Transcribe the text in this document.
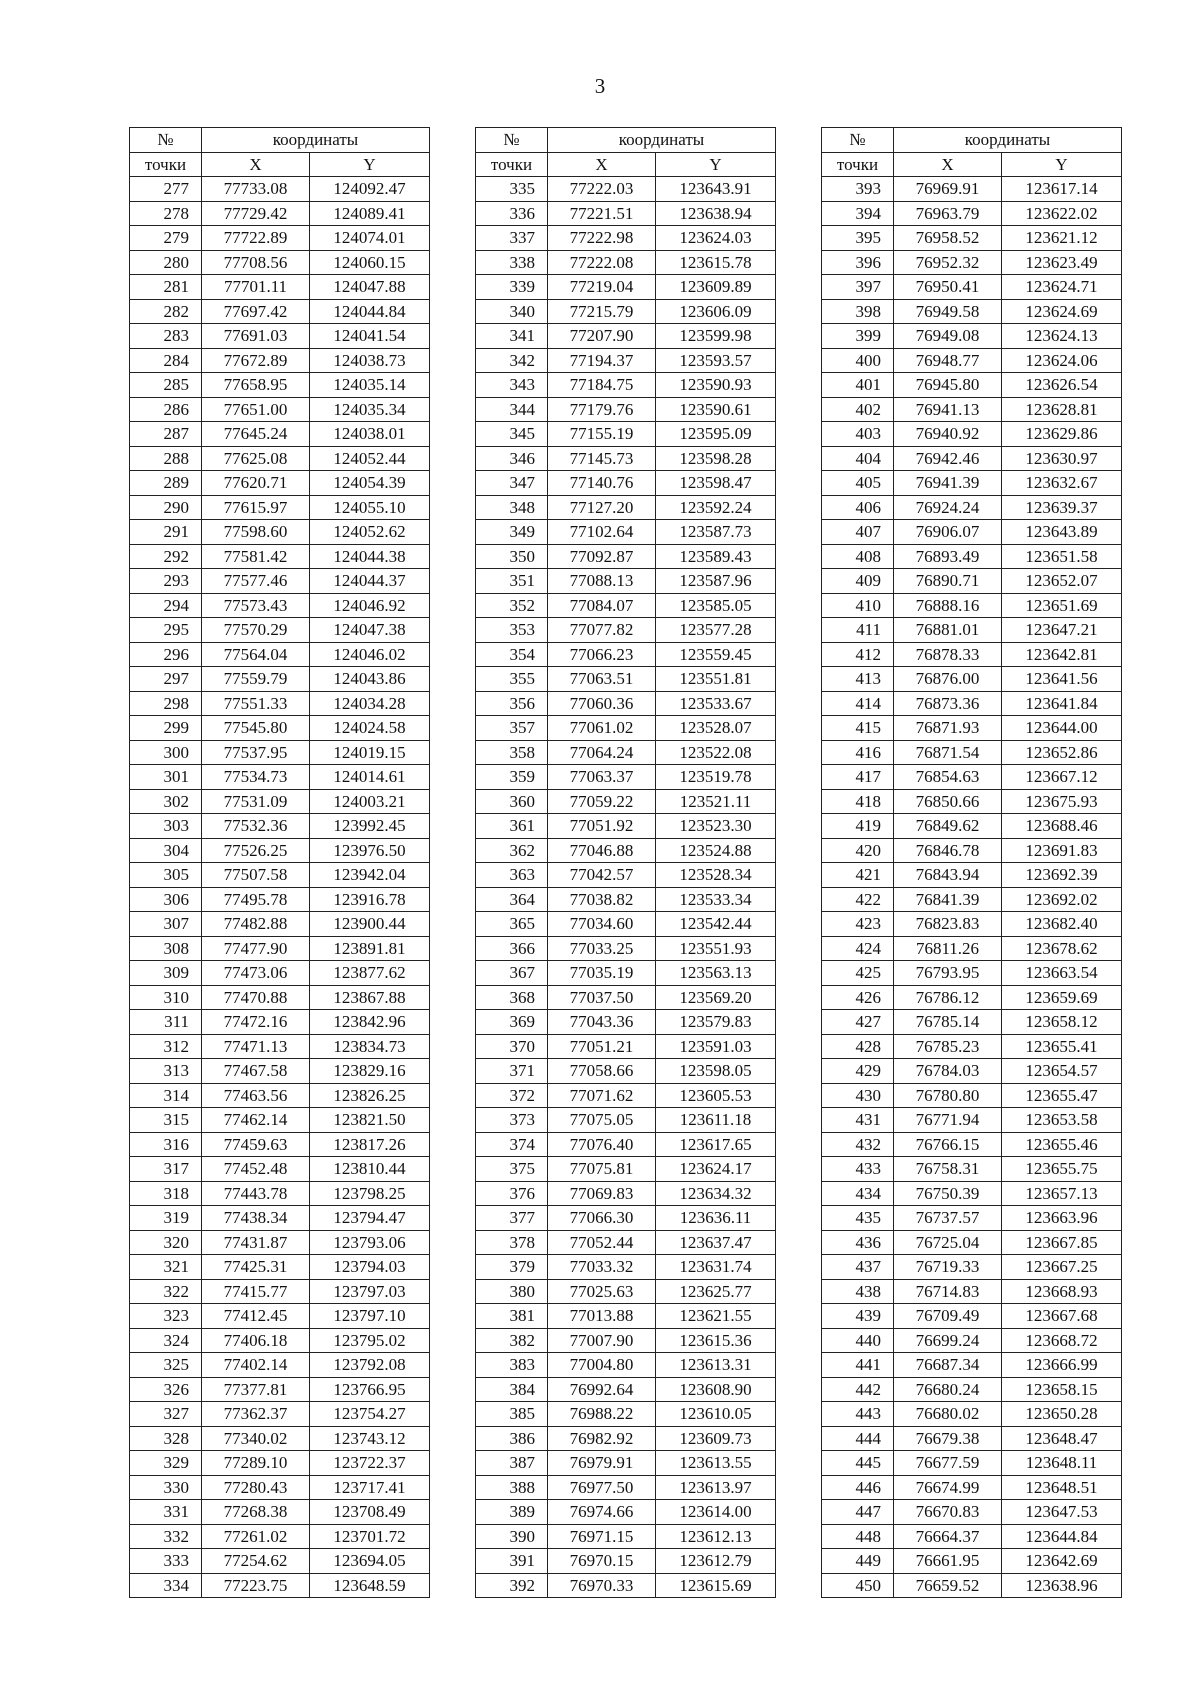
3
№	координаты	
точки	X	Y
277	77733.08	124092.47
278	77729.42	124089.41
279	77722.89	124074.01
280	77708.56	124060.15
281	77701.11	124047.88
282	77697.42	124044.84
283	77691.03	124041.54
284	77672.89	124038.73
285	77658.95	124035.14
286	77651.00	124035.34
287	77645.24	124038.01
288	77625.08	124052.44
289	77620.71	124054.39
290	77615.97	124055.10
291	77598.60	124052.62
292	77581.42	124044.38
293	77577.46	124044.37
294	77573.43	124046.92
295	77570.29	124047.38
296	77564.04	124046.02
297	77559.79	124043.86
298	77551.33	124034.28
299	77545.80	124024.58
300	77537.95	124019.15
301	77534.73	124014.61
302	77531.09	124003.21
303	77532.36	123992.45
304	77526.25	123976.50
305	77507.58	123942.04
306	77495.78	123916.78
307	77482.88	123900.44
308	77477.90	123891.81
309	77473.06	123877.62
310	77470.88	123867.88
311	77472.16	123842.96
312	77471.13	123834.73
313	77467.58	123829.16
314	77463.56	123826.25
315	77462.14	123821.50
316	77459.63	123817.26
317	77452.48	123810.44
318	77443.78	123798.25
319	77438.34	123794.47
320	77431.87	123793.06
321	77425.31	123794.03
322	77415.77	123797.03
323	77412.45	123797.10
324	77406.18	123795.02
325	77402.14	123792.08
326	77377.81	123766.95
327	77362.37	123754.27
328	77340.02	123743.12
329	77289.10	123722.37
330	77280.43	123717.41
331	77268.38	123708.49
332	77261.02	123701.72
333	77254.62	123694.05
334	77223.75	123648.59
№	координаты	
точки	X	Y
335	77222.03	123643.91
336	77221.51	123638.94
337	77222.98	123624.03
338	77222.08	123615.78
339	77219.04	123609.89
340	77215.79	123606.09
341	77207.90	123599.98
342	77194.37	123593.57
343	77184.75	123590.93
344	77179.76	123590.61
345	77155.19	123595.09
346	77145.73	123598.28
347	77140.76	123598.47
348	77127.20	123592.24
349	77102.64	123587.73
350	77092.87	123589.43
351	77088.13	123587.96
352	77084.07	123585.05
353	77077.82	123577.28
354	77066.23	123559.45
355	77063.51	123551.81
356	77060.36	123533.67
357	77061.02	123528.07
358	77064.24	123522.08
359	77063.37	123519.78
360	77059.22	123521.11
361	77051.92	123523.30
362	77046.88	123524.88
363	77042.57	123528.34
364	77038.82	123533.34
365	77034.60	123542.44
366	77033.25	123551.93
367	77035.19	123563.13
368	77037.50	123569.20
369	77043.36	123579.83
370	77051.21	123591.03
371	77058.66	123598.05
372	77071.62	123605.53
373	77075.05	123611.18
374	77076.40	123617.65
375	77075.81	123624.17
376	77069.83	123634.32
377	77066.30	123636.11
378	77052.44	123637.47
379	77033.32	123631.74
380	77025.63	123625.77
381	77013.88	123621.55
382	77007.90	123615.36
383	77004.80	123613.31
384	76992.64	123608.90
385	76988.22	123610.05
386	76982.92	123609.73
387	76979.91	123613.55
388	76977.50	123613.97
389	76974.66	123614.00
390	76971.15	123612.13
391	76970.15	123612.79
392	76970.33	123615.69
№	координаты	
точки	X	Y
393	76969.91	123617.14
394	76963.79	123622.02
395	76958.52	123621.12
396	76952.32	123623.49
397	76950.41	123624.71
398	76949.58	123624.69
399	76949.08	123624.13
400	76948.77	123624.06
401	76945.80	123626.54
402	76941.13	123628.81
403	76940.92	123629.86
404	76942.46	123630.97
405	76941.39	123632.67
406	76924.24	123639.37
407	76906.07	123643.89
408	76893.49	123651.58
409	76890.71	123652.07
410	76888.16	123651.69
411	76881.01	123647.21
412	76878.33	123642.81
413	76876.00	123641.56
414	76873.36	123641.84
415	76871.93	123644.00
416	76871.54	123652.86
417	76854.63	123667.12
418	76850.66	123675.93
419	76849.62	123688.46
420	76846.78	123691.83
421	76843.94	123692.39
422	76841.39	123692.02
423	76823.83	123682.40
424	76811.26	123678.62
425	76793.95	123663.54
426	76786.12	123659.69
427	76785.14	123658.12
428	76785.23	123655.41
429	76784.03	123654.57
430	76780.80	123655.47
431	76771.94	123653.58
432	76766.15	123655.46
433	76758.31	123655.75
434	76750.39	123657.13
435	76737.57	123663.96
436	76725.04	123667.85
437	76719.33	123667.25
438	76714.83	123668.93
439	76709.49	123667.68
440	76699.24	123668.72
441	76687.34	123666.99
442	76680.24	123658.15
443	76680.02	123650.28
444	76679.38	123648.47
445	76677.59	123648.11
446	76674.99	123648.51
447	76670.83	123647.53
448	76664.37	123644.84
449	76661.95	123642.69
450	76659.52	123638.96
